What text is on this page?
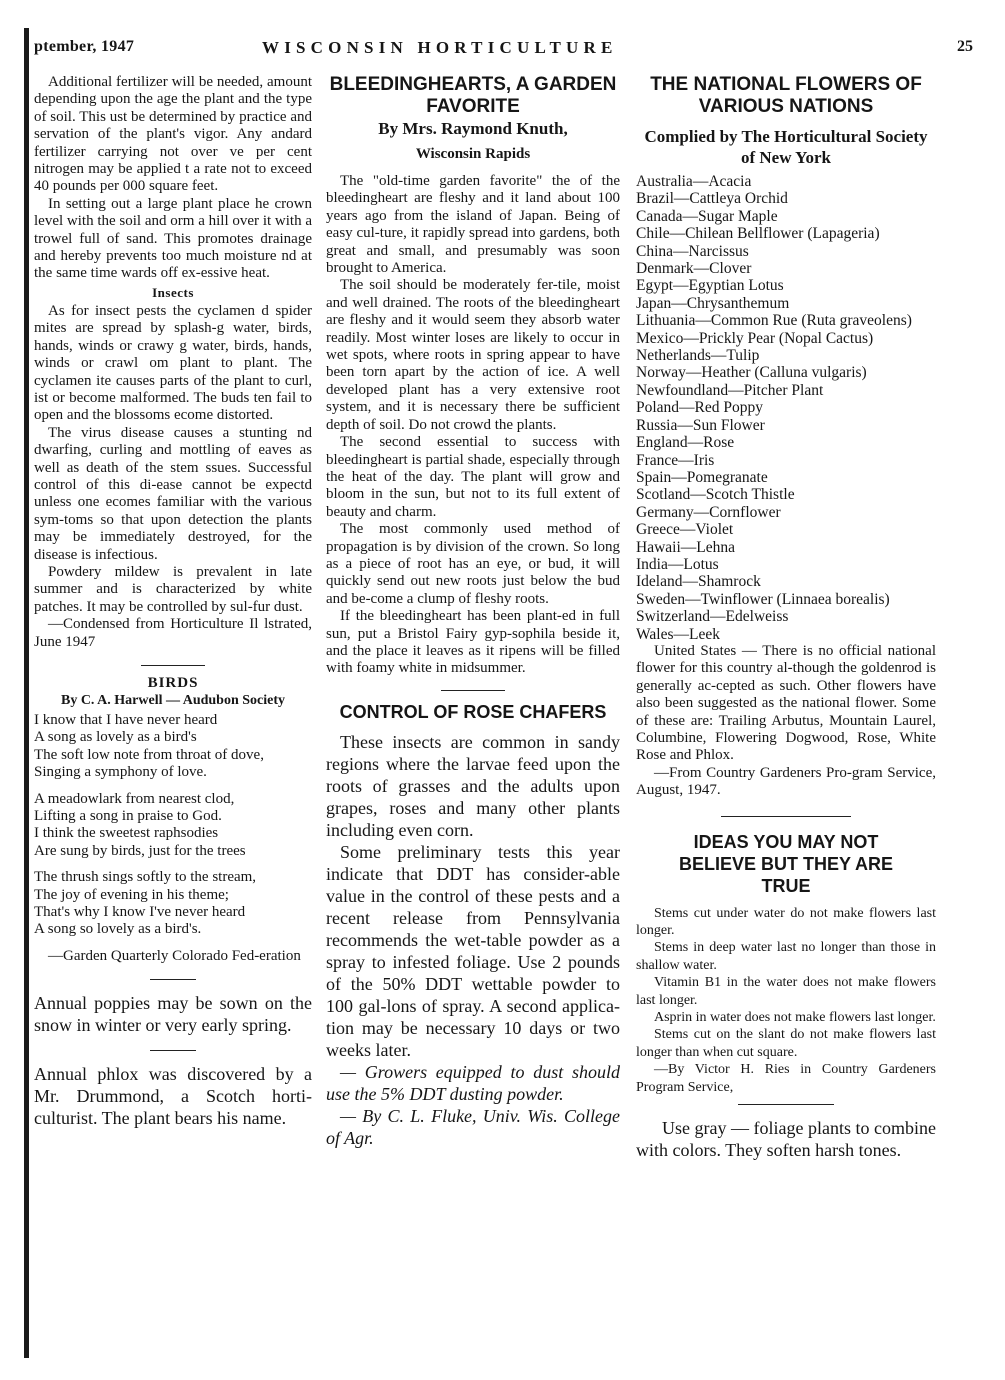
ptember, 1947	WISCONSIN HORTICULTURE	25

Additional fertilizer will be needed, amount depending upon the age the plant and the type of soil. This ust be determined by practice and servation of the plant's vigor. Any andard fertilizer carrying not over ve per cent nitrogen may be applied t a rate not to exceed 40 pounds per 000 square feet.

In setting out a large plant place he crown level with the soil and orm a hill over it with a trowel full of sand. This promotes drainage and hereby prevents too much moisture nd at the same time wards off ex-essive heat.

Insects

As for insect pests the cyclamen d spider mites are spread by splash-g water, birds, hands, winds or crawy g water, birds, hands, winds or crawl om plant to plant. The cyclamen ite causes parts of the plant to curl, ist or become malformed. The buds ten fail to open and the blossoms ecome distorted.

The virus disease causes a stunting nd dwarfing, curling and mottling of eaves as well as death of the stem ssues. Successful control of this di-ease cannot be expectd unless one ecomes familiar with the various sym-toms so that upon detection the plants may be immediately destroyed, for the disease is infectious.

Powdery mildew is prevalent in late summer and is characterized by white patches. It may be controlled by sul-fur dust.

—Condensed from Horticulture Il lstrated, June 1947

BIRDS
By C. A. Harwell — Audubon Society

I know that I have never heard

A song as lovely as a bird's

The soft low note from throat of dove,

Singing a symphony of love.

A meadowlark from nearest clod,

Lifting a song in praise to God.

I think the sweetest raphsodies

Are sung by birds, just for the trees

The thrush sings softly to the stream,

The joy of evening in his theme;

That's why I know I've never heard

A song so lovely as a bird's.

—Garden Quarterly Colorado Fed-eration

Annual poppies may be sown on the snow in winter or very early spring.

Annual phlox was discovered by a Mr. Drummond, a Scotch horti-culturist. The plant bears his name.

BLEEDINGHEARTS, A GARDEN FAVORITE
By Mrs. Raymond Knuth,
Wisconsin Rapids

The "old-time garden favorite" the of the bleedingheart are fleshy and it land about 100 years ago from the island of Japan. Being of easy cul-ture, it rapidly spread into gardens, both great and small, and presumably was soon brought to America.

The soil should be moderately fer-tile, moist and well drained. The roots of the bleedingheart are fleshy and it would seem they absorb water readily. Most winter loses are likely to occur in wet spots, where roots in spring appear to have been torn apart by the action of ice. A well developed plant has a very extensive root system, and it is necessary there be sufficient depth of soil. Do not crowd the plants.

The second essential to success with bleedingheart is partial shade, especially through the heat of the day. The plant will grow and bloom in the sun, but not to its full extent of beauty and charm.

The most commonly used method of propagation is by division of the crown. So long as a piece of root has an eye, or bud, it will quickly send out new roots just below the bud and be-come a clump of fleshy roots.

If the bleedingheart has been plant-ed in full sun, put a Bristol Fairy gyp-sophila beside it, and the place it leaves as it ripens will be filled with foamy white in midsummer.

CONTROL OF ROSE CHAFERS

These insects are common in sandy regions where the larvae feed upon the roots of grasses and the adults upon grapes, roses and many other plants including even corn.

Some preliminary tests this year indicate that DDT has consider-able value in the control of these pests and a recent release from Pennsylvania recommends the wet-table powder as a spray to infested foliage. Use 2 pounds of the 50% DDT wettable powder to 100 gal-lons of spray. A second applica-tion may be necessary 10 days or two weeks later.

— Growers equipped to dust should use the 5% DDT dusting powder.

— By C. L. Fluke, Univ. Wis. College of Agr.

THE NATIONAL FLOWERS OF VARIOUS NATIONS
Complied by The Horticultural Society of New York

Australia—Acacia

Brazil—Cattleya Orchid

Canada—Sugar Maple

Chile—Chilean Bellflower (Lapageria)

China—Narcissus

Denmark—Clover

Egypt—Egyptian Lotus

Japan—Chrysanthemum

Lithuania—Common Rue (Ruta graveolens)

Mexico—Prickly Pear (Nopal Cactus)

Netherlands—Tulip

Norway—Heather (Calluna vulgaris)

Newfoundland—Pitcher Plant

Poland—Red Poppy

Russia—Sun Flower

England—Rose

France—Iris

Spain—Pomegranate

Scotland—Scotch Thistle

Germany—Cornflower

Greece—Violet

Hawaii—Lehna

India—Lotus

Ideland—Shamrock

Sweden—Twinflower (Linnaea borealis)

Switzerland—Edelweiss

Wales—Leek

United States — There is no official national flower for this country al-though the goldenrod is generally ac-cepted as such. Other flowers have also been suggested as the national flower. Some of these are: Trailing Arbutus, Mountain Laurel, Columbine, Flowering Dogwood, Rose, White Rose and Phlox.

—From Country Gardeners Pro-gram Service, August, 1947.

IDEAS YOU MAY NOT BELIEVE BUT THEY ARE TRUE

Stems cut under water do not make flowers last longer.

Stems in deep water last no longer than those in shallow water.

Vitamin B1 in the water does not make flowers last longer.

Asprin in water does not make flowers last longer.

Stems cut on the slant do not make flowers last longer than when cut square.

—By Victor H. Ries in Country Gardeners Program Service,

Use gray — foliage plants to combine with colors. They soften harsh tones.
